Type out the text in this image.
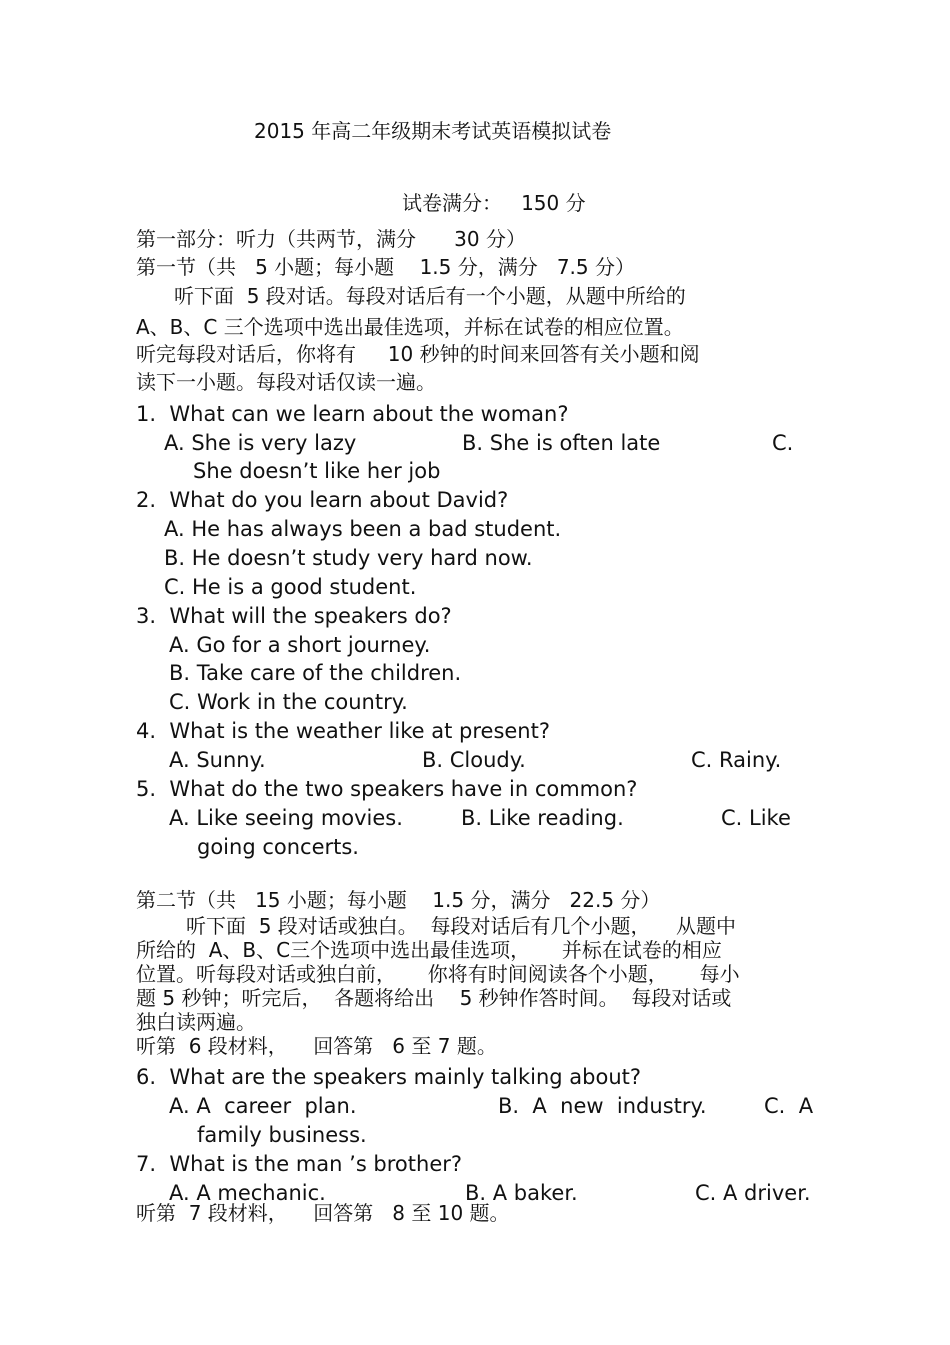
2015 年高二年级期末考试英语模拟试卷
试卷满分：   150 分
第一部分：听力（共两节，满分      30 分）
第一节（共   5 小题；每小题    1.5 分，满分   7.5 分）
听下面  5 段对话。每段对话后有一个小题，从题中所给的
A、B、C 三个选项中选出最佳选项，并标在试卷的相应位置。
听完每段对话后，你将有     10 秒钟的时间来回答有关小题和阅
读下一小题。每段对话仅读一遍。
1.  What can we learn about the woman?
A. She is very lazy	B. She is often late	C.
She doesn’t like her job
2.  What do you learn about David?
A. He has always been a bad student.
B. He doesn’t study very hard now.
C. He is a good student.
3.  What will the speakers do?
A. Go for a short journey.
B. Take care of the children.
C. Work in the country.
4.  What is the weather like at present?
A. Sunny.	B. Cloudy.	C. Rainy.
5.  What do the two speakers have in common?
A. Like seeing movies.	B. Like reading.	C. Like
going concerts.
第二节（共   15 小题；每小题    1.5 分，满分   22.5 分）
听下面  5 段对话或独白。  每段对话后有几个小题，    从题中
所给的  A、B、C三个选项中选出最佳选项，     并标在试卷的相应
位置。听每段对话或独白前，     你将有时间阅读各个小题，     每小
题 5 秒钟；听完后，  各题将给出    5 秒钟作答时间。  每段对话或
独白读两遍。
听第  6 段材料，    回答第   6 至 7 题。
6.  What are the speakers mainly talking about?
A. A  career  plan.	B.  A  new  industry.	C.  A
family business.
7.  What is the man ’s brother?
A. A mechanic.	B. A baker.	C. A driver.
听第  7 段材料，    回答第   8 至 10 题。
